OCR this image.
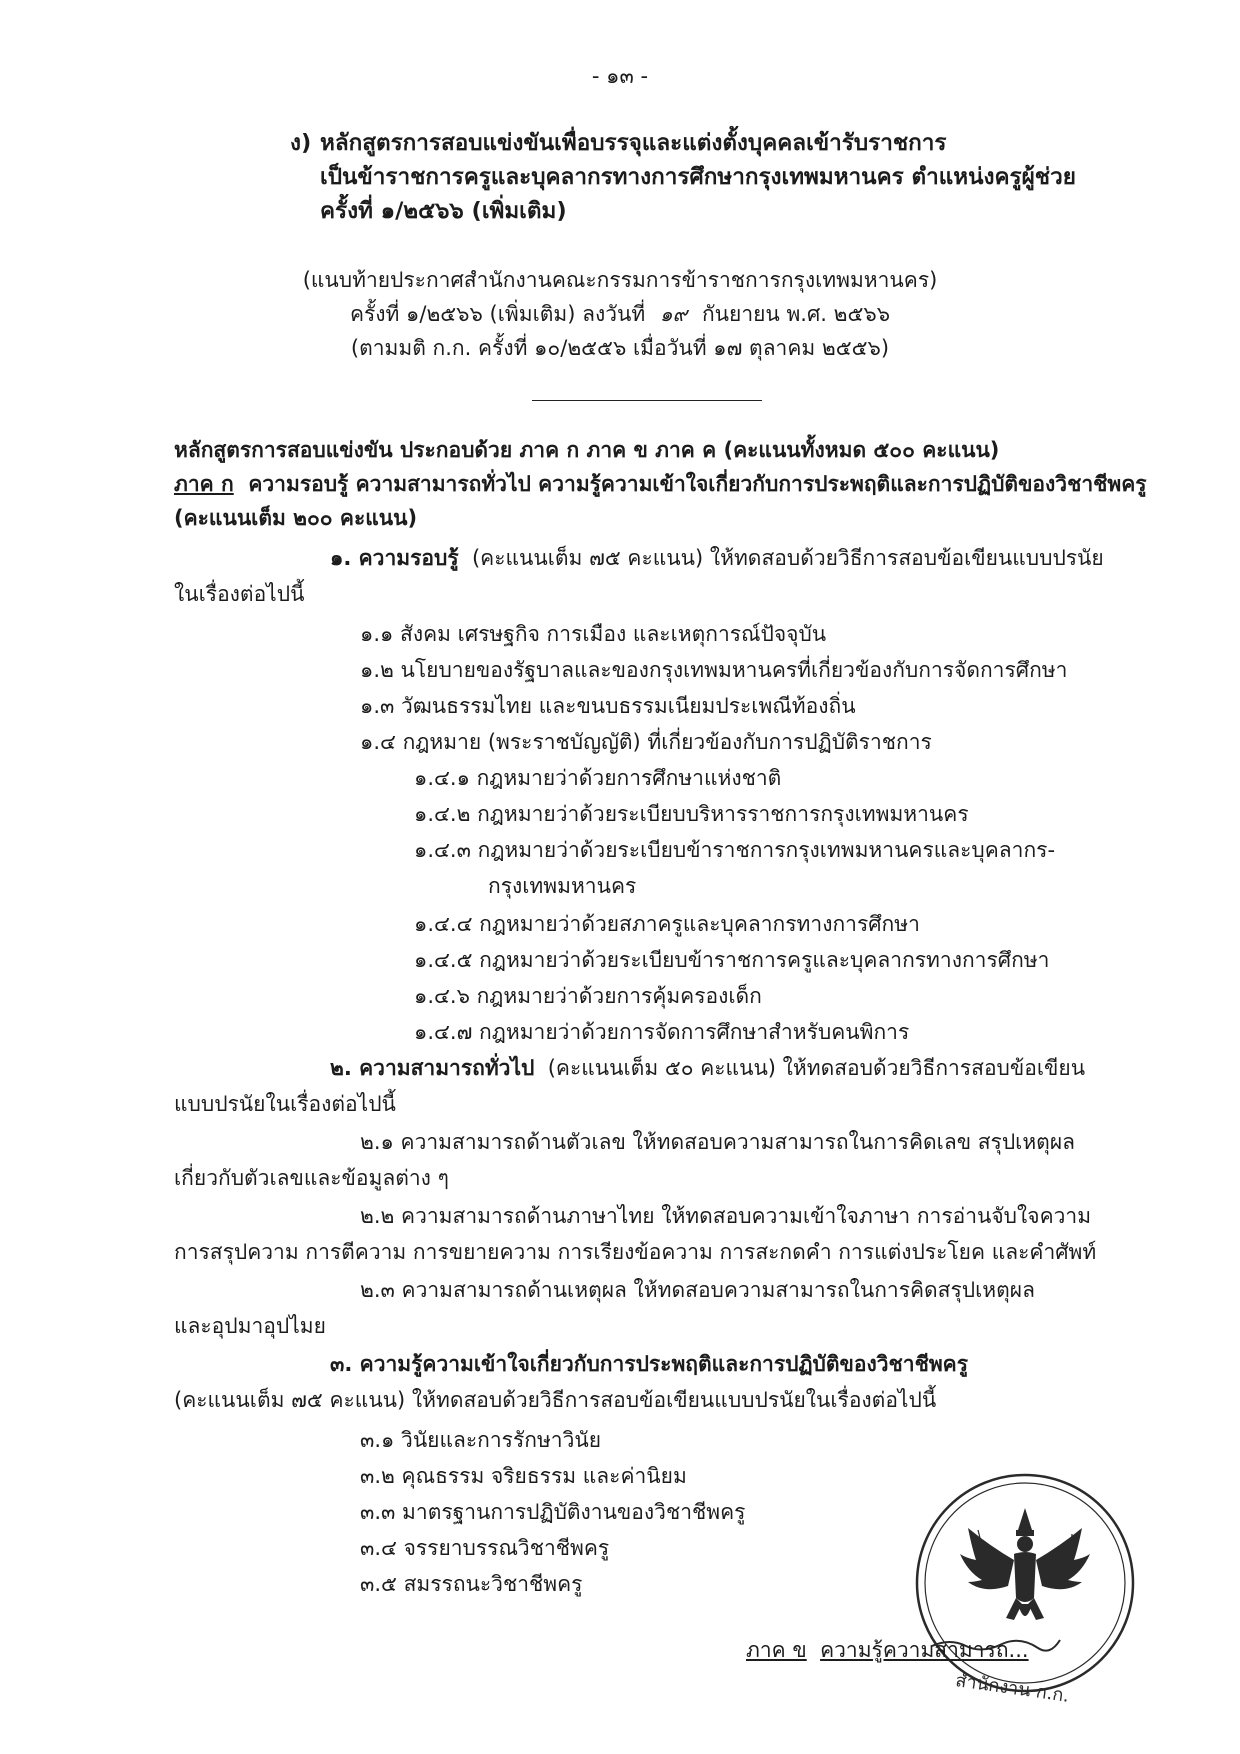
- ๑๓ -
ง) หลักสูตรการสอบแข่งขันเพื่อบรรจุและแต่งตั้งบุคคลเข้ารับราชการ
เป็นข้าราชการครูและบุคลากรทางการศึกษากรุงเทพมหานคร ตำแหน่งครูผู้ช่วย
ครั้งที่ ๑/๒๕๖๖ (เพิ่มเติม)
(แนบท้ายประกาศสำนักงานคณะกรรมการข้าราชการกรุงเทพมหานคร)
ครั้งที่ ๑/๒๕๖๖ (เพิ่มเติม) ลงวันที่ ๑๙ กันยายน พ.ศ. ๒๕๖๖
(ตามมติ ก.ก. ครั้งที่ ๑๐/๒๕๕๖ เมื่อวันที่ ๑๗ ตุลาคม ๒๕๕๖)
หลักสูตรการสอบแข่งขัน ประกอบด้วย ภาค ก ภาค ข ภาค ค (คะแนนทั้งหมด ๕๐๐ คะแนน)
ภาค ก ความรอบรู้ ความสามารถทั่วไป ความรู้ความเข้าใจเกี่ยวกับการประพฤติและการปฏิบัติของวิชาชีพครู
(คะแนนเต็ม ๒๐๐ คะแนน)
๑. ความรอบรู้ (คะแนนเต็ม ๗๕ คะแนน) ให้ทดสอบด้วยวิธีการสอบข้อเขียนแบบปรนัย
ในเรื่องต่อไปนี้
๑.๑ สังคม เศรษฐกิจ การเมือง และเหตุการณ์ปัจจุบัน
๑.๒ นโยบายของรัฐบาลและของกรุงเทพมหานครที่เกี่ยวข้องกับการจัดการศึกษา
๑.๓ วัฒนธรรมไทย และขนบธรรมเนียมประเพณีท้องถิ่น
๑.๔ กฎหมาย (พระราชบัญญัติ) ที่เกี่ยวข้องกับการปฏิบัติราชการ
๑.๔.๑ กฎหมายว่าด้วยการศึกษาแห่งชาติ
๑.๔.๒ กฎหมายว่าด้วยระเบียบบริหารราชการกรุงเทพมหานคร
๑.๔.๓ กฎหมายว่าด้วยระเบียบข้าราชการกรุงเทพมหานครและบุคลากร-
กรุงเทพมหานคร
๑.๔.๔ กฎหมายว่าด้วยสภาครูและบุคลากรทางการศึกษา
๑.๔.๕ กฎหมายว่าด้วยระเบียบข้าราชการครูและบุคลากรทางการศึกษา
๑.๔.๖ กฎหมายว่าด้วยการคุ้มครองเด็ก
๑.๔.๗ กฎหมายว่าด้วยการจัดการศึกษาสำหรับคนพิการ
๒. ความสามารถทั่วไป (คะแนนเต็ม ๕๐ คะแนน) ให้ทดสอบด้วยวิธีการสอบข้อเขียน
แบบปรนัยในเรื่องต่อไปนี้
๒.๑ ความสามารถด้านตัวเลข ให้ทดสอบความสามารถในการคิดเลข สรุปเหตุผล
เกี่ยวกับตัวเลขและข้อมูลต่าง ๆ
๒.๒ ความสามารถด้านภาษาไทย ให้ทดสอบความเข้าใจภาษา การอ่านจับใจความ
การสรุปความ การตีความ การขยายความ การเรียงข้อความ การสะกดคำ การแต่งประโยค และคำศัพท์
๒.๓ ความสามารถด้านเหตุผล ให้ทดสอบความสามารถในการคิดสรุปเหตุผล
และอุปมาอุปไมย
๓. ความรู้ความเข้าใจเกี่ยวกับการประพฤติและการปฏิบัติของวิชาชีพครู
(คะแนนเต็ม ๗๕ คะแนน) ให้ทดสอบด้วยวิธีการสอบข้อเขียนแบบปรนัยในเรื่องต่อไปนี้
๓.๑ วินัยและการรักษาวินัย
๓.๒ คุณธรรม จริยธรรม และค่านิยม
๓.๓ มาตรฐานการปฏิบัติงานของวิชาชีพครู
๓.๔ จรรยาบรรณวิชาชีพครู
๓.๕ สมรรถนะวิชาชีพครู
สำนักงาน ก.ก.
ภาค ข ความรู้ความสามารถ...
